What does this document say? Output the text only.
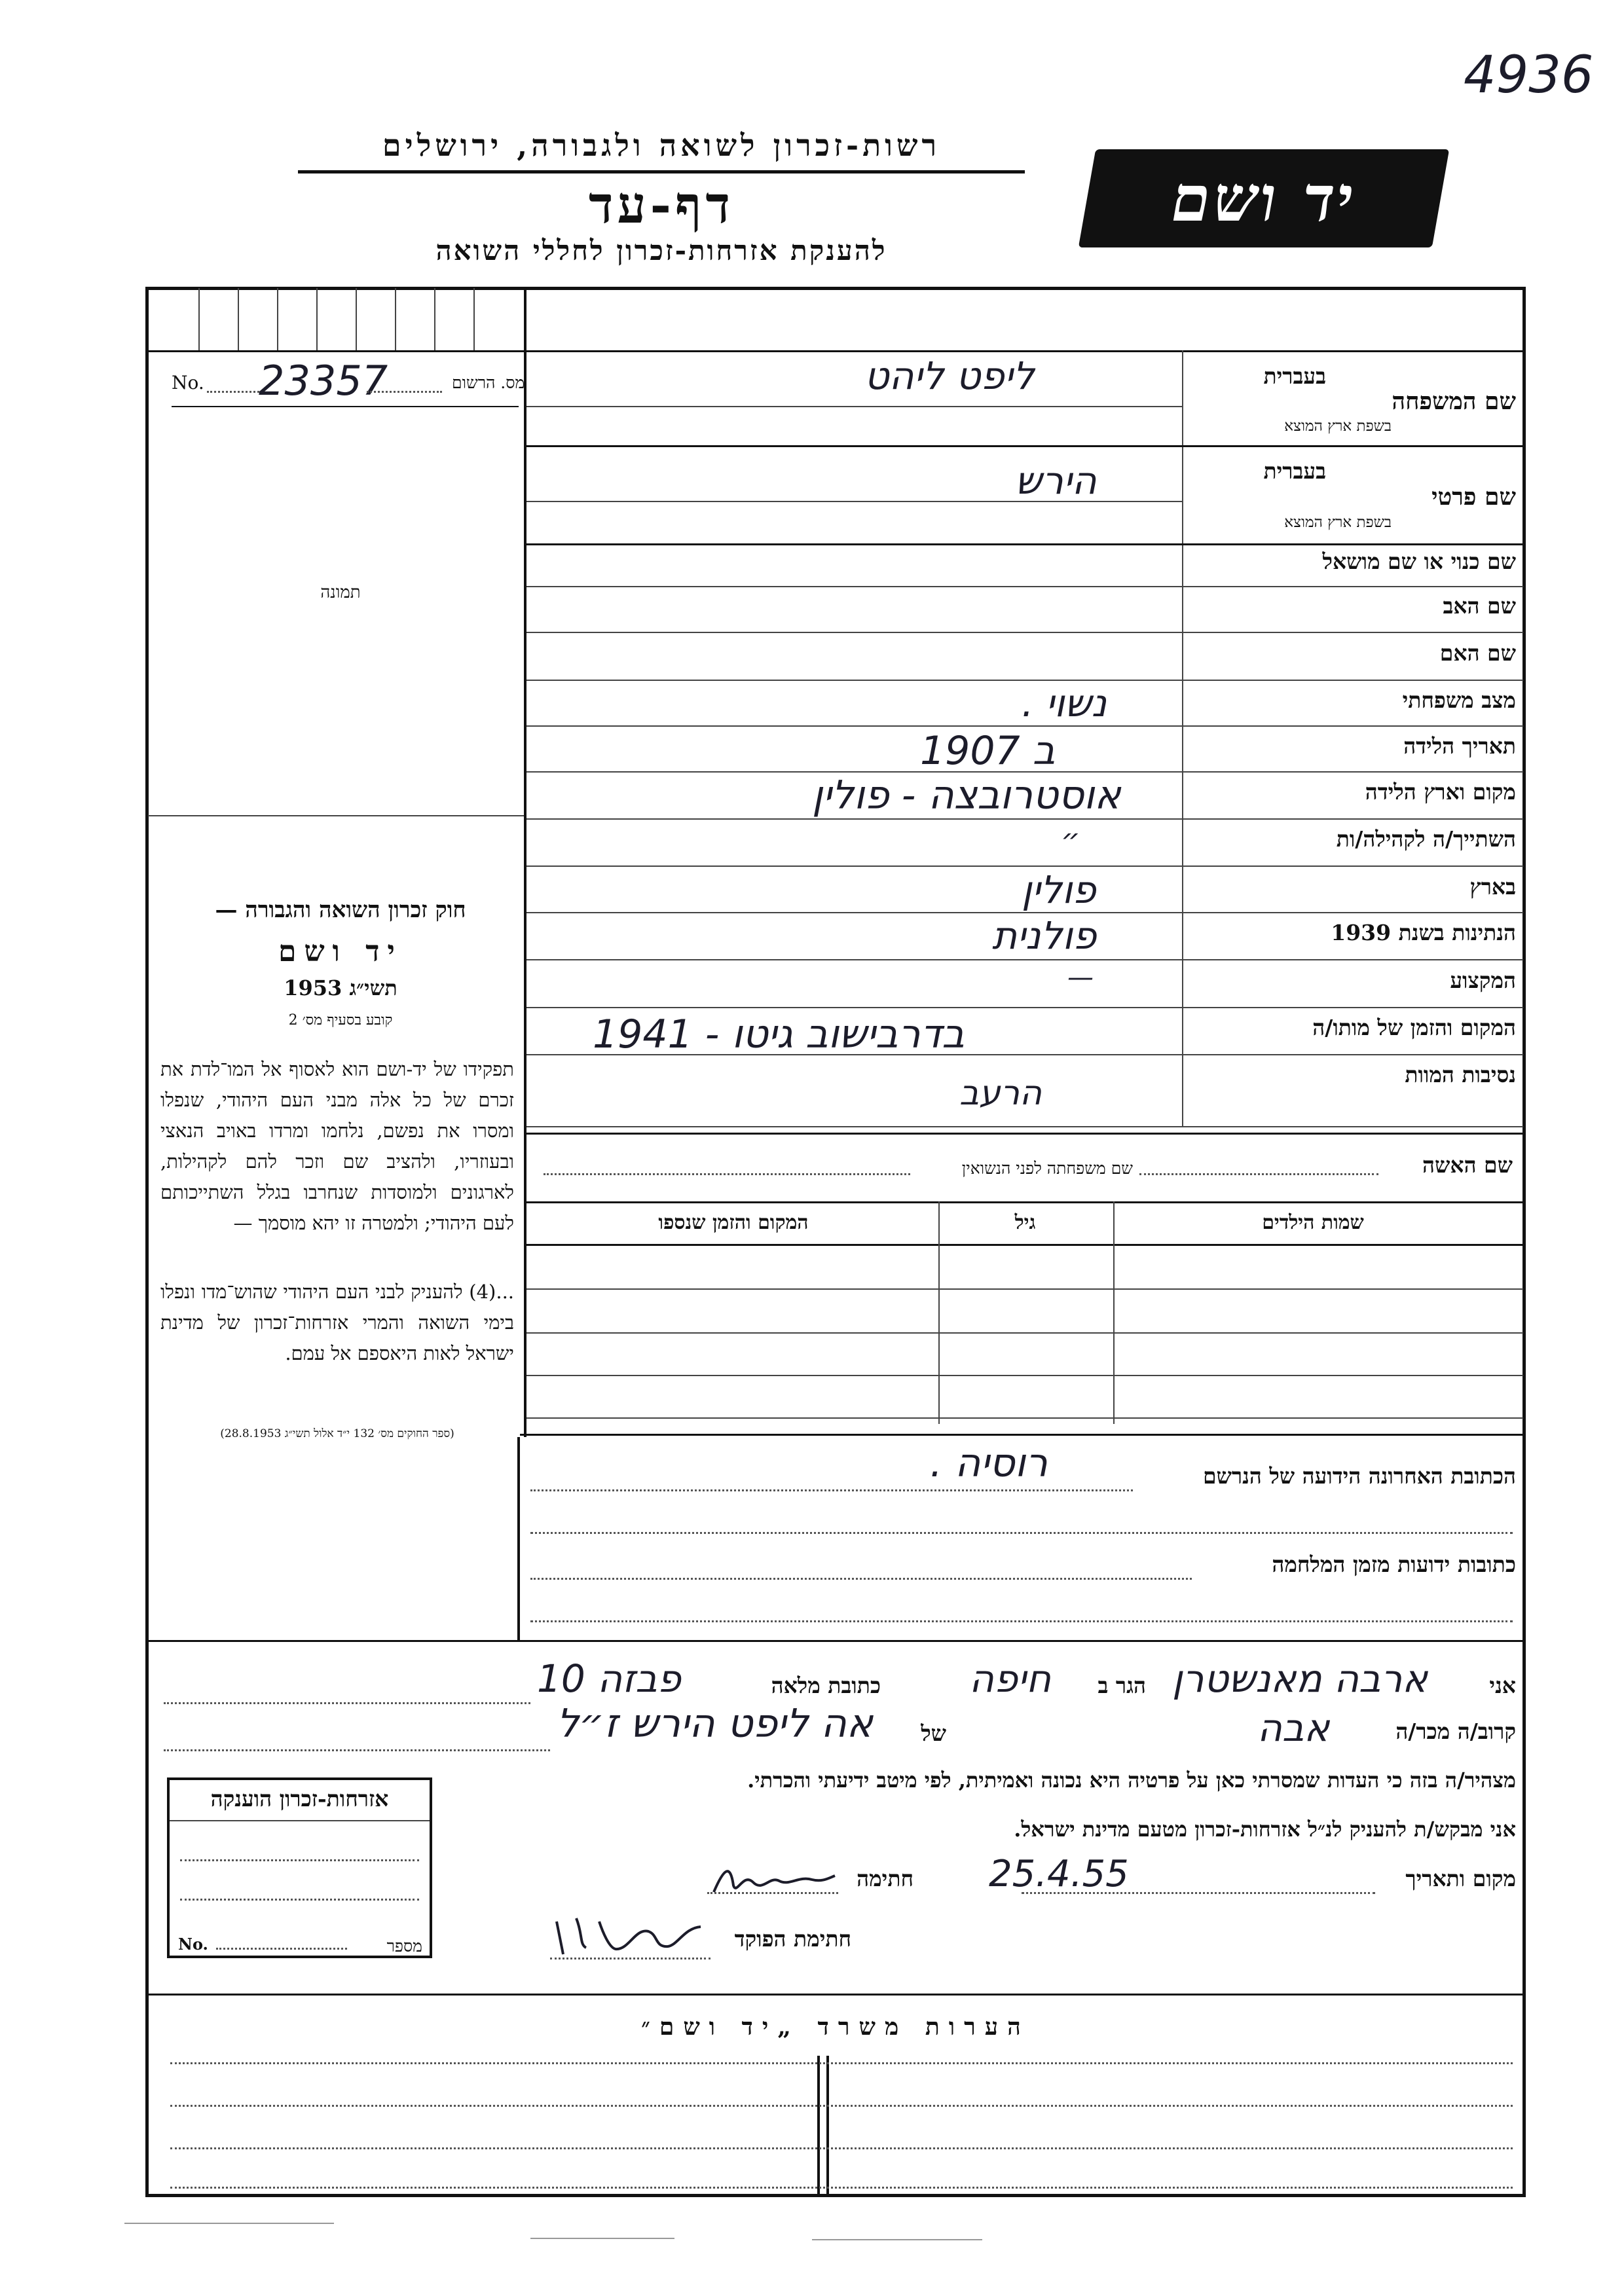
4936
רשות-זכרון לשואה ולגבורה, ירושלים
דף-עד
להענקת אזרחות-זכרון לחללי השואה
יד ושם
מס. הרשום
No. 23357
תמונה
חוק זכרון השואה והגבורה —
יד ושם
תשי״ג 1953
קובע בסעיף מס׳ 2
תפקידו של יד-ושם הוא לאסוף אל המו־לדת את זכרם של כל אלה מבני העם היהודי, שנפלו ומסרו את נפשם, נלחמו ומרדו באויב הנאצי ובעוזריו, ולהציב שם וזכר להם לקהילות, לארגונים ולמוסדות שנחרבו בגלל השתייכותם לעם היהודי; ולמטרה זו יהא מוסמך —
...(4) להעניק לבני העם היהודי שהוש־מדו ונפלו בימי השואה והמרי אזרחות־זכרון של מדינת ישראל לאות היאספם אל עמם.
(ספר החוקים מס׳ 132 י״ד אלול תשי״ג 28.8.1953)
בעברית
שם המשפחה
בשפת ארץ המוצא
ליפט ליהט
בעברית
שם פרטי
בשפת ארץ המוצא
הירש
שם כנוי או שם מושאל
שם האב
שם האם
מצב משפחתי
נשוי .
תאריך הלידה
ב 1907
מקום וארץ הלידה
אוסטרובצה - פולין
השתייך/ה לקהילה/ות
״
בארץ
פולין
הנתינות בשנת 1939
פולנית
המקצוע
—
המקום והזמן של מותו/ה
בדרבישוב גיטו - 1941
נסיבות המוות
הרעב
שם האשה
שם משפחתה לפני הנשואין
שמות הילדים
גיל
המקום והזמן שנספו
הכתובת האחרונה הידועה של הנרשם
רוסיה .
כתובות ידועות מזמן המלחמה
אני
ארבה מאנשטרן
הגר ב
חיפה
כתובת מלאה
פבזה 10
קרוב/ה מכר/ה
אבה
של
אה ליפט הירש ז״ל
מצהיר/ה בזה כי העדות שמסרתי כאן על פרטיה היא נכונה ואמיתית, לפי מיטב ידיעתי והכרתי.
אני מבקש/ת להעניק לנ״ל אזרחות-זכרון מטעם מדינת ישראל.
מקום ותאריך
25.4.55
חתימה
חתימת הפוקד
אזרחות-זכרון הוענקה
No.	מספר
הערות משרד „יד ושם״
